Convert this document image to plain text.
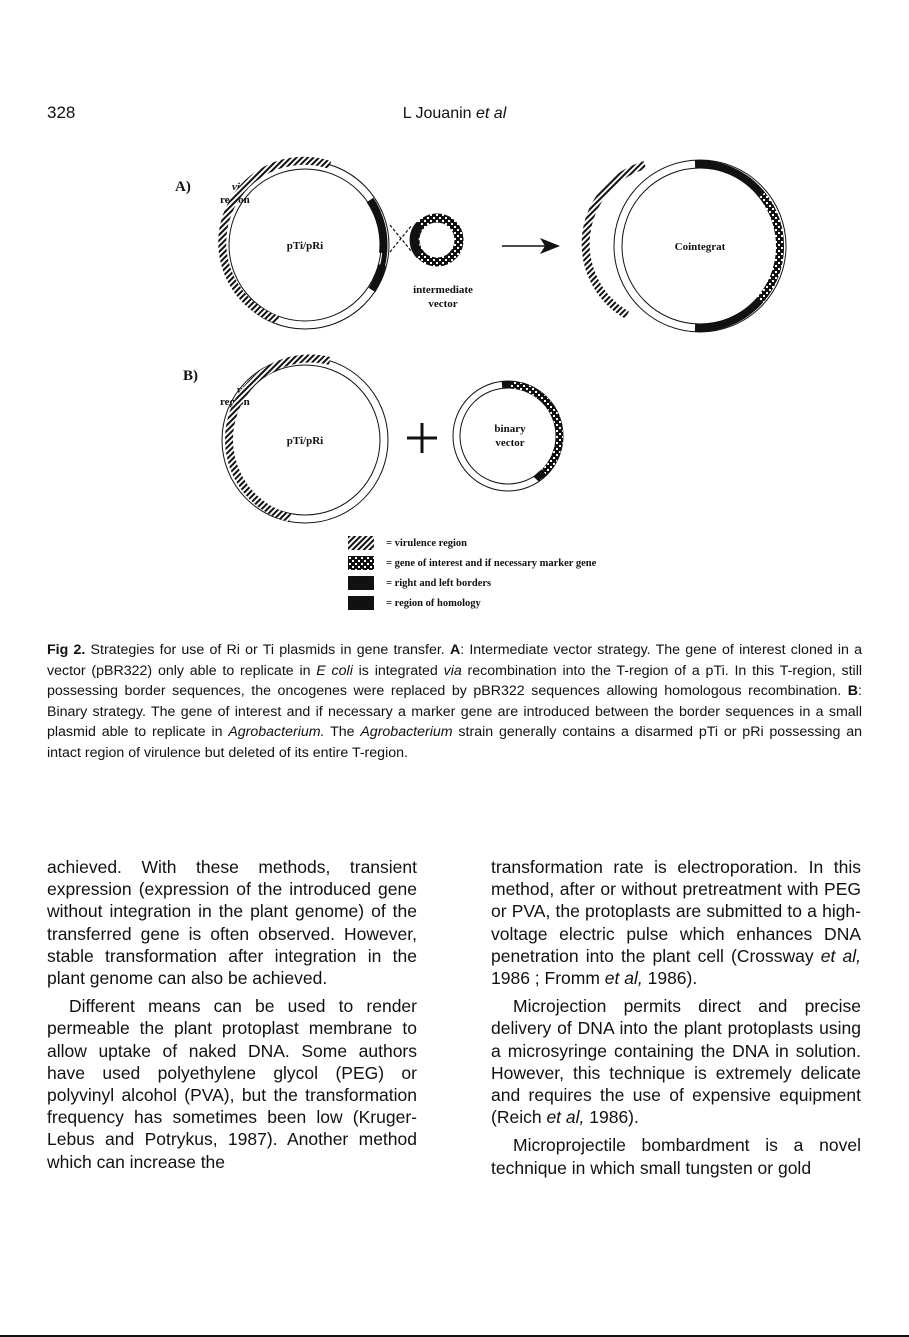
328	L Jouanin et al
A)	vir
region
pTi/pRi
intermediate
vector
Cointegrat
B)
vir
region
pTi/pRi
binary
vector
= virulence region
= gene of interest and if necessary marker gene
= right and left borders
= region of homology
Fig 2. Strategies for use of Ri or Ti plasmids in gene transfer. A: Intermediate vector strategy. The gene of interest cloned in a vector (pBR322) only able to replicate in E coli is integrated via recombination into the T-region of a pTi. In this T-region, still possessing border sequences, the oncogenes were replaced by pBR322 sequences allowing homologous recombination. B: Binary strategy. The gene of interest and if necessary a marker gene are introduced between the border sequences in a small plasmid able to replicate in Agrobacterium. The Agrobacterium strain generally contains a disarmed pTi or pRi possessing an intact region of virulence but deleted of its entire T-region.

achieved. With these methods, transient expression (expression of the introduced gene without integration in the plant genome) of the transferred gene is often observed. However, stable transformation after integration in the plant genome can also be achieved.

Different means can be used to render permeable the plant protoplast membrane to allow uptake of naked DNA. Some authors have used polyethylene glycol (PEG) or polyvinyl alcohol (PVA), but the transformation frequency has sometimes been low (Kruger-Lebus and Potrykus, 1987). Another method which can increase the

transformation rate is electroporation. In this method, after or without pretreatment with PEG or PVA, the protoplasts are submitted to a high-voltage electric pulse which enhances DNA penetration into the plant cell (Crossway et al, 1986 ; Fromm et al, 1986).

Microjection permits direct and precise delivery of DNA into the plant protoplasts using a microsyringe containing the DNA in solution. However, this technique is extremely delicate and requires the use of expensive equipment (Reich et al, 1986).

Microprojectile bombardment is a novel technique in which small tungsten or gold
